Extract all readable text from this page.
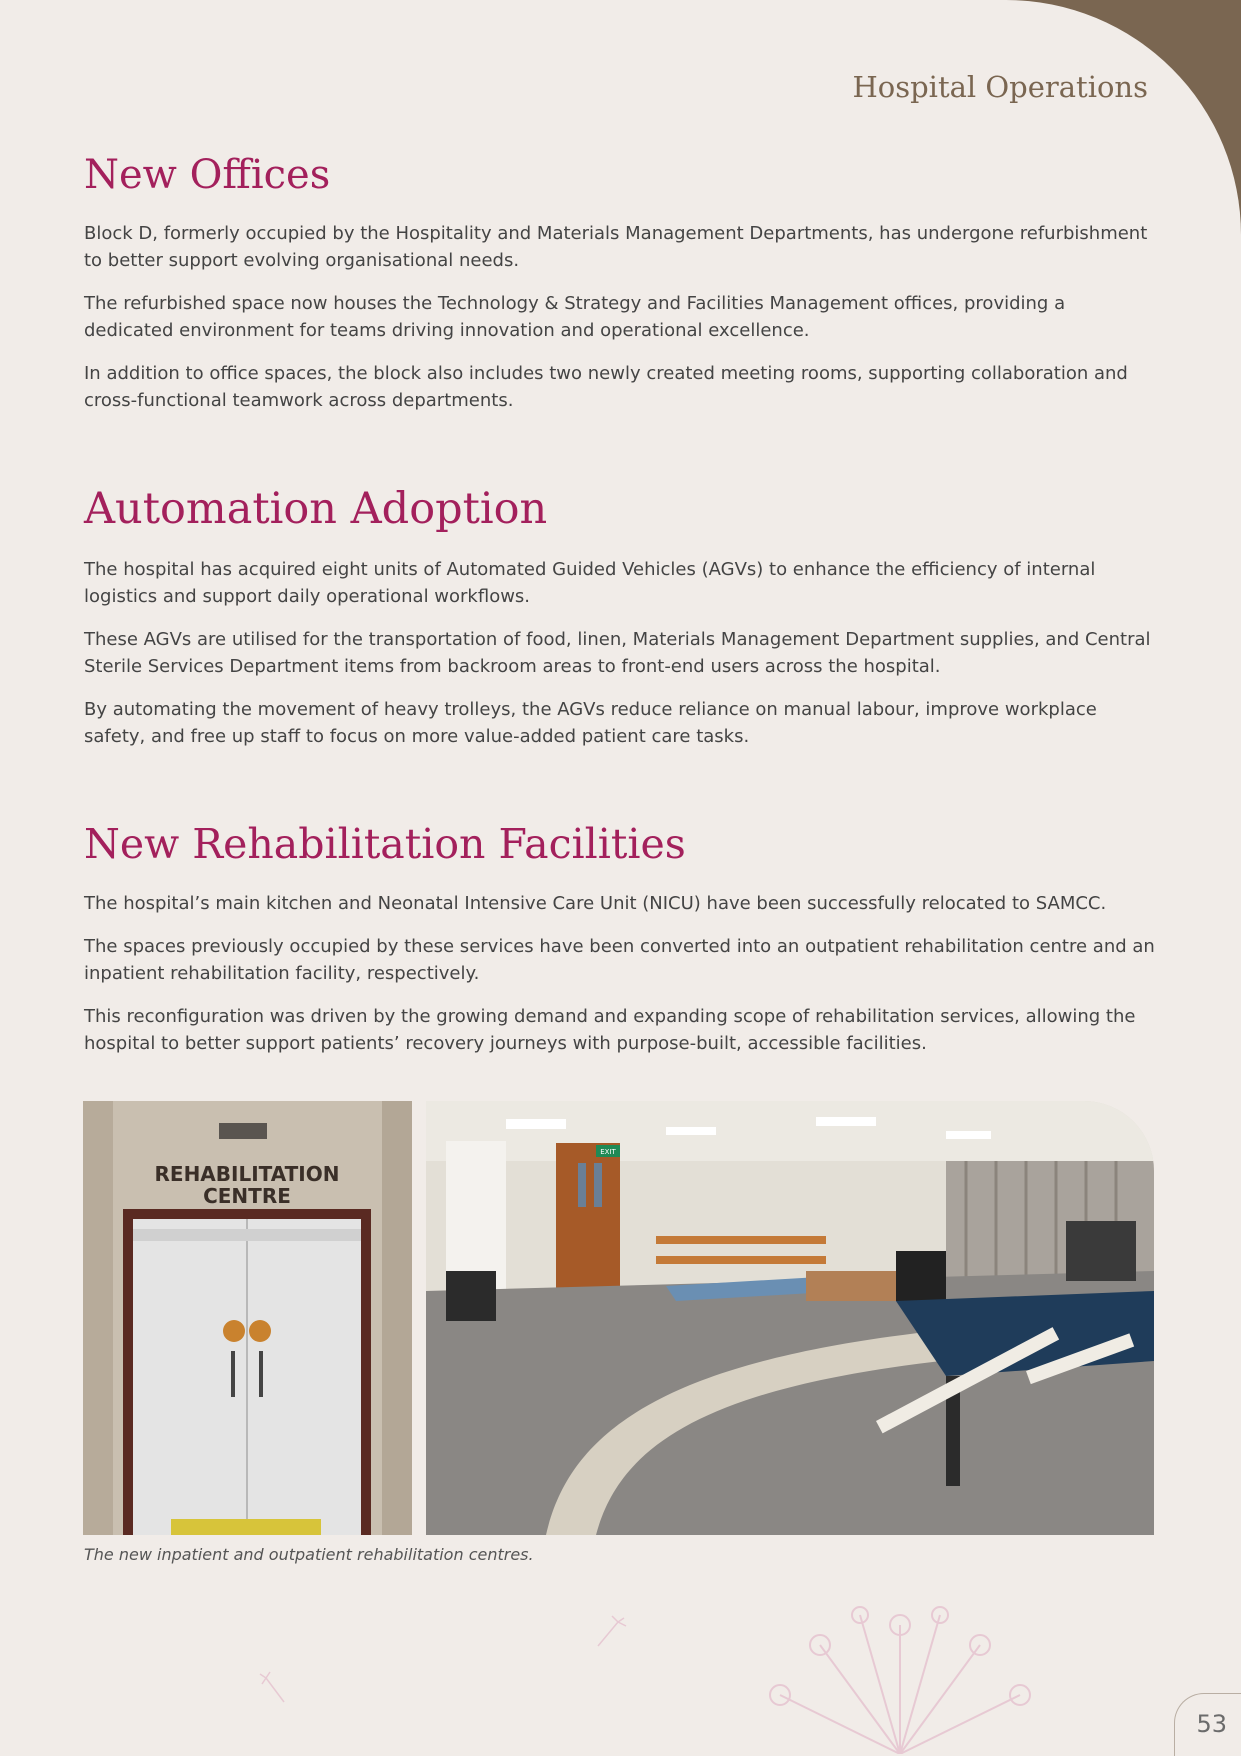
Hospital Operations
New Offices

Block D, formerly occupied by the Hospitality and Materials Management Departments, has undergone refurbishment to better support evolving organisational needs.

The refurbished space now houses the Technology & Strategy and Facilities Management offices, providing a dedicated environment for teams driving innovation and operational excellence.

In addition to office spaces, the block also includes two newly created meeting rooms, supporting collaboration and cross-functional teamwork across departments.

Automation Adoption

The hospital has acquired eight units of Automated Guided Vehicles (AGVs) to enhance the efficiency of internal logistics and support daily operational workflows.

These AGVs are utilised for the transportation of food, linen, Materials Management Department supplies, and Central Sterile Services Department items from backroom areas to front-end users across the hospital.

By automating the movement of heavy trolleys, the AGVs reduce reliance on manual labour, improve workplace safety, and free up staff to focus on more value-added patient care tasks.

New Rehabilitation Facilities

The hospital’s main kitchen and Neonatal Intensive Care Unit (NICU) have been successfully relocated to SAMCC.

The spaces previously occupied by these services have been converted into an outpatient rehabilitation centre and an inpatient rehabilitation facility, respectively.

This reconfiguration was driven by the growing demand and expanding scope of rehabilitation services, allowing the hospital to better support patients’ recovery journeys with purpose-built, accessible facilities.

REHABILITATION CENTRE
EXIT

The new inpatient and outpatient rehabilitation centres.

53
